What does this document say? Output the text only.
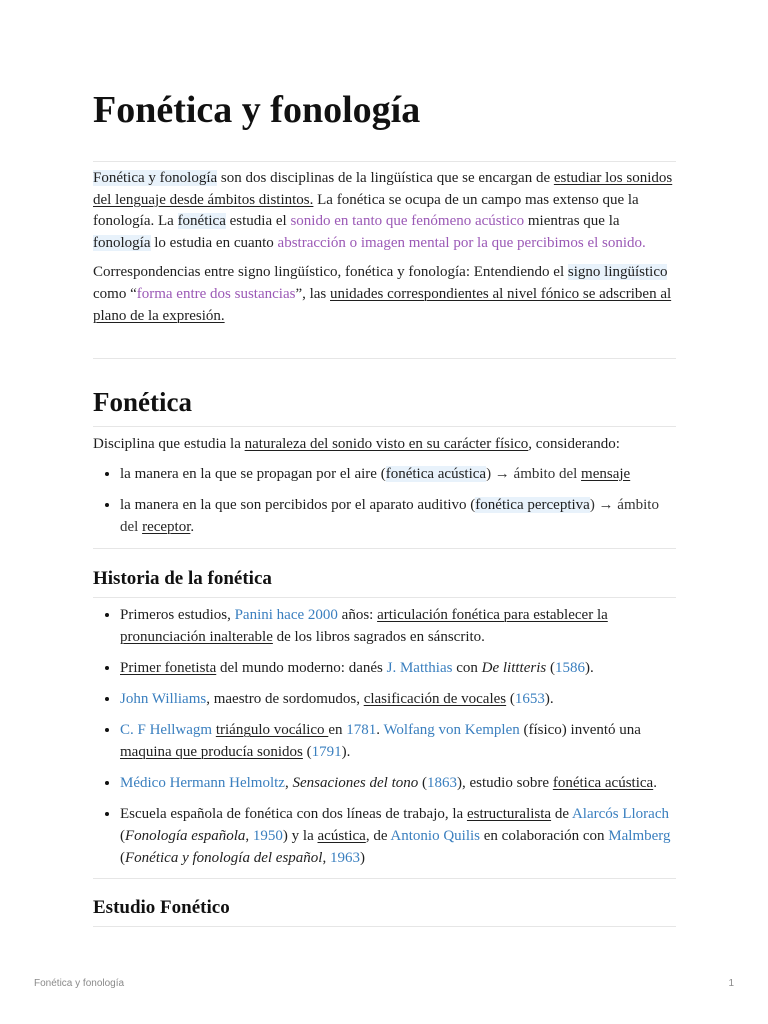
Fonética y fonología

Fonética y fonología son dos disciplinas de la lingüística que se encargan de estudiar los sonidos del lenguaje desde ámbitos distintos. La fonética se ocupa de un campo mas extenso que la fonología. La fonética estudia el sonido en tanto que fenómeno acústico mientras que la fonología lo estudia en cuanto abstracción o imagen mental por la que percibimos el sonido.

Correspondencias entre signo lingüístico, fonética y fonología: Entendiendo el signo lingüístico como “forma entre dos sustancias”, las unidades correspondientes al nivel fónico se adscriben al plano de la expresión.

Fonética

Disciplina que estudia la naturaleza del sonido visto en su carácter físico, considerando:

• la manera en la que se propagan por el aire (fonética acústica) → ámbito del mensaje
• la manera en la que son percibidos por el aparato auditivo (fonética perceptiva) → ámbito del receptor.
Historia de la fonética
• Primeros estudios, Panini hace 2000 años: articulación fonética para establecer la pronunciación inalterable de los libros sagrados en sánscrito.
• Primer fonetista del mundo moderno: danés J. Matthias con De littteris (1586).
• John Williams, maestro de sordomudos, clasificación de vocales (1653).
• C. F Hellwagm triángulo vocálico en 1781. Wolfang von Kemplen (físico) inventó una maquina que producía sonidos (1791).
• Médico Hermann Helmoltz, Sensaciones del tono (1863), estudio sobre fonética acústica.
• Escuela española de fonética con dos líneas de trabajo, la estructuralista de Alarcós Llorach (Fonología española, 1950) y la acústica, de Antonio Quilis en colaboración con Malmberg (Fonética y fonología del español, 1963)
Estudio Fonético
Fonética y fonología	1
